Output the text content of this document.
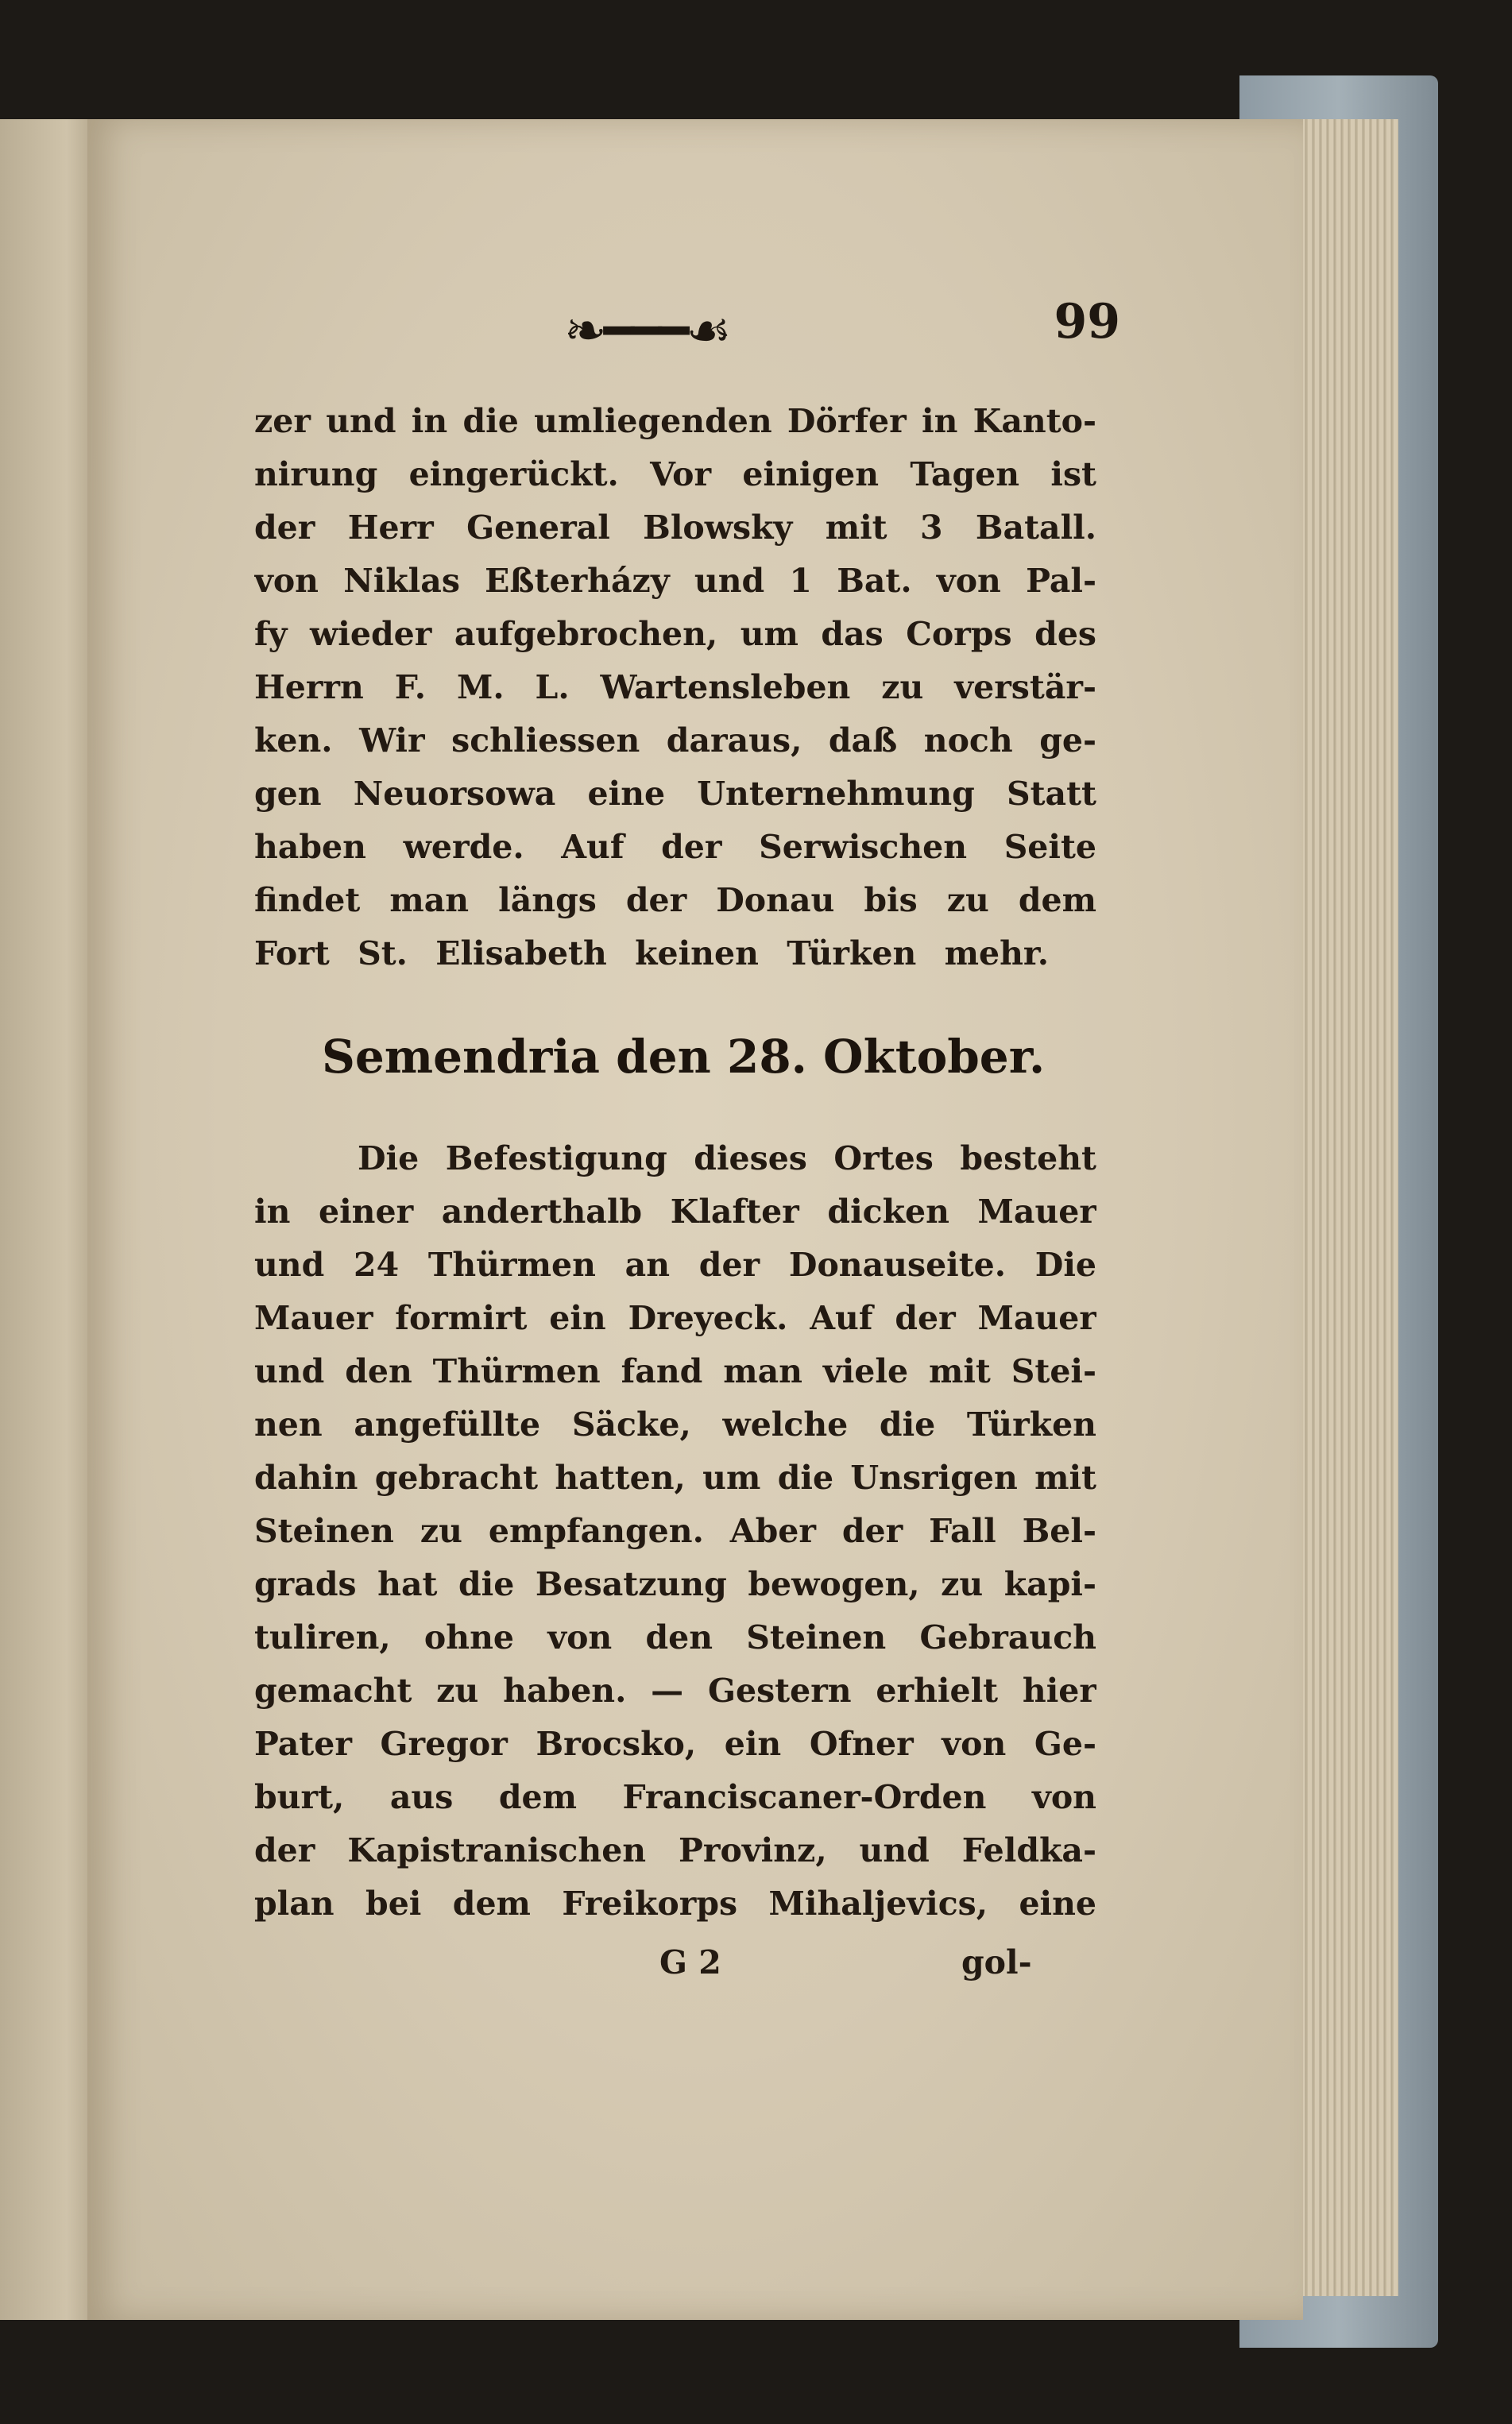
❧━━━☙	99
zer und in die umliegenden Dörfer in Kanto-
nirung eingerückt. Vor einigen Tagen ist
der Herr General Blowsky mit 3 Batall.
von Niklas Eßterházy und 1 Bat. von Pal-
fy wieder aufgebrochen, um das Corps des
Herrn F. M. L. Wartensleben zu verstär-
ken. Wir schliessen daraus, daß noch ge-
gen Neuorsowa eine Unternehmung Statt
haben werde. Auf der Serwischen Seite
findet man längs der Donau bis zu dem
Fort St. Elisabeth keinen Türken mehr.
Semendria den 28. Oktober.
Die Befestigung dieses Ortes besteht
in einer anderthalb Klafter dicken Mauer
und 24 Thürmen an der Donauseite. Die
Mauer formirt ein Dreyeck. Auf der Mauer
und den Thürmen fand man viele mit Stei-
nen angefüllte Säcke, welche die Türken
dahin gebracht hatten, um die Unsrigen mit
Steinen zu empfangen. Aber der Fall Bel-
grads hat die Besatzung bewogen, zu kapi-
tuliren, ohne von den Steinen Gebrauch
gemacht zu haben. — Gestern erhielt hier
Pater Gregor Brocsko, ein Ofner von Ge-
burt, aus dem Franciscaner-Orden von
der Kapistranischen Provinz, und Feldka-
plan bei dem Freikorps Mihaljevics, eine
G 2	gol-
